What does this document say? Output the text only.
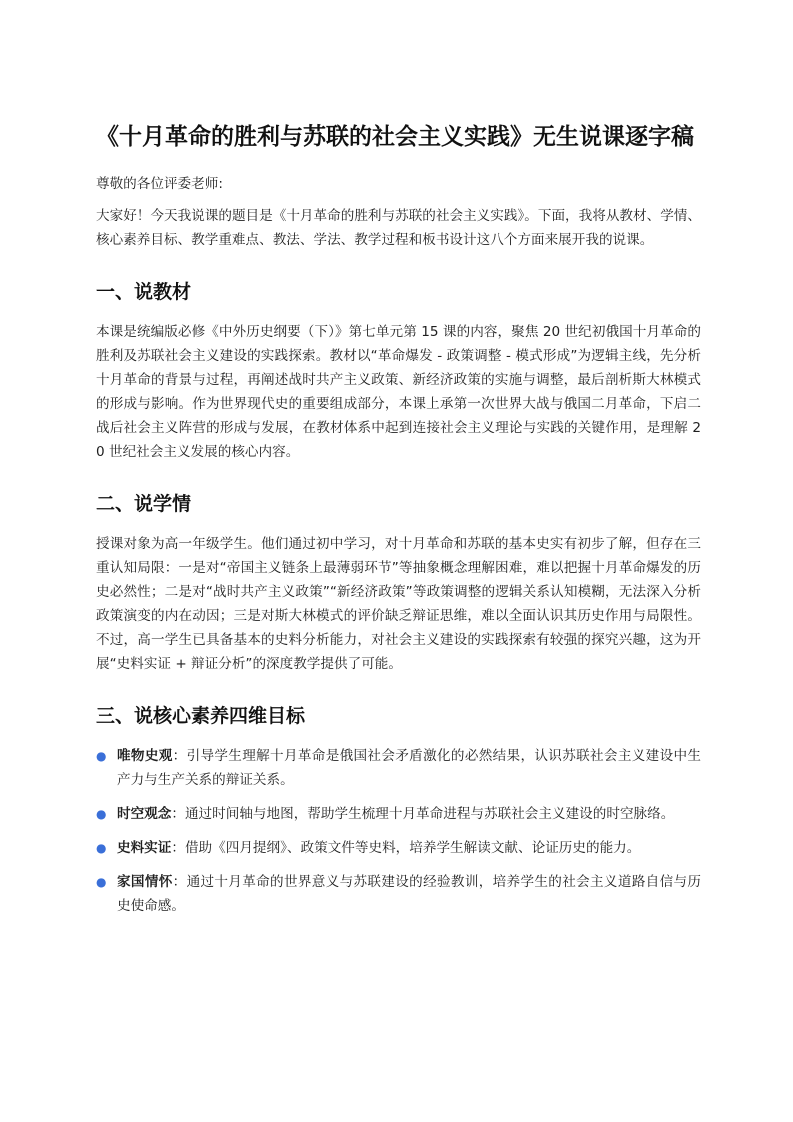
《十月革命的胜利与苏联的社会主义实践》无生说课逐字稿

尊敬的各位评委老师:

大家好！今天我说课的题目是《十月革命的胜利与苏联的社会主义实践》。下面，我将从教材、学情、核心素养目标、教学重难点、教法、学法、教学过程和板书设计这八个方面来展开我的说课。

一、说教材

本课是统编版必修《中外历史纲要（下）》第七单元第 15 课的内容，聚焦 20 世纪初俄国十月革命的胜利及苏联社会主义建设的实践探索。教材以“革命爆发 - 政策调整 - 模式形成”为逻辑主线，先分析十月革命的背景与过程，再阐述战时共产主义政策、新经济政策的实施与调整，最后剖析斯大林模式的形成与影响。作为世界现代史的重要组成部分，本课上承第一次世界大战与俄国二月革命，下启二战后社会主义阵营的形成与发展，在教材体系中起到连接社会主义理论与实践的关键作用，是理解 20 世纪社会主义发展的核心内容。

二、说学情

授课对象为高一年级学生。他们通过初中学习，对十月革命和苏联的基本史实有初步了解，但存在三重认知局限：一是对“帝国主义链条上最薄弱环节”等抽象概念理解困难，难以把握十月革命爆发的历史必然性；二是对“战时共产主义政策”“新经济政策”等政策调整的逻辑关系认知模糊，无法深入分析政策演变的内在动因；三是对斯大林模式的评价缺乏辩证思维，难以全面认识其历史作用与局限性。不过，高一学生已具备基本的史料分析能力，对社会主义建设的实践探索有较强的探究兴趣，这为开展“史料实证 + 辩证分析”的深度教学提供了可能。

三、说核心素养四维目标
● 唯物史观：引导学生理解十月革命是俄国社会矛盾激化的必然结果，认识苏联社会主义建设中生产力与生产关系的辩证关系。
● 时空观念：通过时间轴与地图，帮助学生梳理十月革命进程与苏联社会主义建设的时空脉络。
● 史料实证：借助《四月提纲》、政策文件等史料，培养学生解读文献、论证历史的能力。
● 家国情怀：通过十月革命的世界意义与苏联建设的经验教训，培养学生的社会主义道路自信与历史使命感。
